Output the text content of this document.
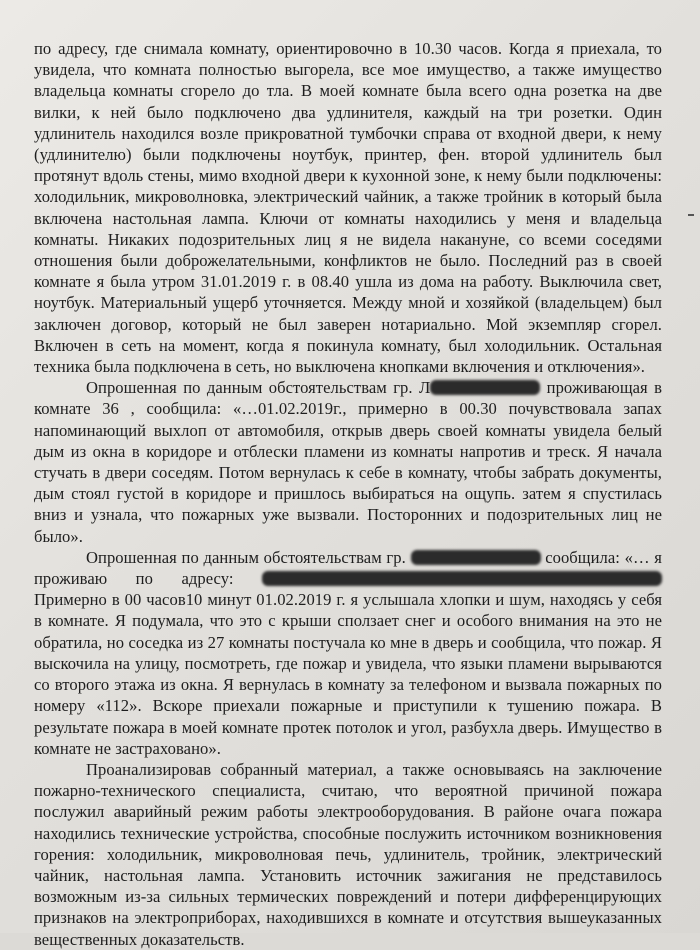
по адресу, где снимала комнату, ориентировочно в 10.30 часов. Когда я приехала, то увидела, что комната полностью выгорела, все мое имущество, а также имущество владельца комнаты сгорело до тла. В моей комнате была всего одна розетка на две вилки, к ней было подключено два удлинителя, каждый на три розетки. Один удлинитель находился возле прикроватной тумбочки справа от входной двери, к нему (удлинителю) были подключены ноутбук, принтер, фен. второй удлинитель был протянут вдоль стены, мимо входной двери к кухонной зоне, к нему были подключены: холодильник, микроволновка, электрический чайник, а также тройник в который была включена настольная лампа. Ключи от комнаты находились у меня и владельца комнаты. Никаких подозрительных лиц я не видела накануне, со всеми соседями отношения были доброжелательными, конфликтов не было. Последний раз в своей комнате я была утром 31.01.2019 г. в 08.40 ушла из дома на работу. Выключила свет, ноутбук. Материальный ущерб уточняется. Между мной и хозяйкой (владельцем) был заключен договор, который не был заверен нотариально. Мой экземпляр сгорел. Включен в сеть на момент, когда я покинула комнату, был холодильник. Остальная техника была подключена в сеть, но выключена кнопками включения и отключения».

Опрошенная по данным обстоятельствам гр. Л	проживающая в комнате 36 , сообщила: «…01.02.2019г., примерно в 00.30 почувствовала запах напоминающий выхлоп от автомобиля, открыв дверь своей комнаты увидела белый дым из окна в коридоре и отблески пламени из комнаты напротив и треск. Я начала стучать в двери соседям. Потом вернулась к себе в комнату, чтобы забрать документы, дым стоял густой в коридоре и пришлось выбираться на ощупь. затем я спустилась вниз и узнала, что пожарных уже вызвали. Посторонних и подозрительных лиц не было».

Опрошенная по данным обстоятельствам гр.	сообщила: «… я проживаю по адресу:  Примерно в 00 часов10 минут 01.02.2019 г. я услышала хлопки и шум, находясь у себя в комнате. Я подумала, что это с крыши сползает снег и особого внимания на это не обратила, но соседка из 27 комнаты постучала ко мне в дверь и сообщила, что пожар. Я выскочила на улицу, посмотреть, где пожар и увидела, что языки пламени вырываются со второго этажа из окна. Я вернулась в комнату за телефоном и вызвала пожарных по номеру «112». Вскоре приехали пожарные и приступили к тушению пожара. В результате пожара в моей комнате протек потолок и угол, разбухла дверь. Имущество в комнате не застраховано».

Проанализировав собранный материал, а также основываясь на заключение пожарно-технического специалиста, считаю, что вероятной причиной пожара послужил аварийный режим работы электрооборудования. В районе очага пожара находились технические устройства, способные послужить источником возникновения горения: холодильник, микроволновая печь, удлинитель, тройник, электрический чайник, настольная лампа. Установить источник зажигания не представилось возможным из-за сильных термических повреждений и потери дифференцирующих признаков на электроприборах, находившихся в комнате и отсутствия вышеуказанных вещественных доказательств.
